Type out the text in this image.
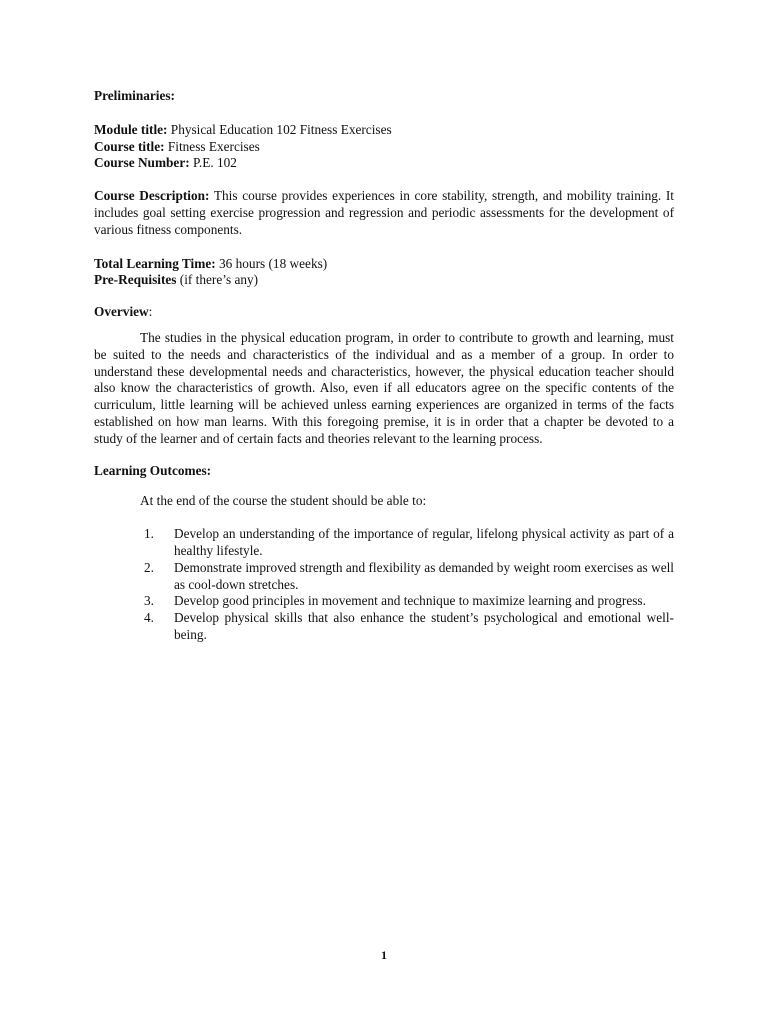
Preliminaries:

Module title: Physical Education 102 Fitness Exercises

Course title: Fitness Exercises

Course Number: P.E. 102

Course Description: This course provides experiences in core stability, strength, and mobility training. It includes goal setting exercise progression and regression and periodic assessments for the development of various fitness components.

Total Learning Time: 36 hours (18 weeks)

Pre-Requisites (if there’s any)

Overview:

The studies in the physical education program, in order to contribute to growth and learning, must be suited to the needs and characteristics of the individual and as a member of a group. In order to understand these developmental needs and characteristics, however, the physical education teacher should also know the characteristics of growth. Also, even if all educators agree on the specific contents of the curriculum, little learning will be achieved unless earning experiences are organized in terms of the facts established on how man learns. With this foregoing premise, it is in order that a chapter be devoted to a study of the learner and of certain facts and theories relevant to the learning process.

Learning Outcomes:

At the end of the course the student should be able to:

1. Develop an understanding of the importance of regular, lifelong physical activity as part of a healthy lifestyle.
2. Demonstrate improved strength and flexibility as demanded by weight room exercises as well as cool-down stretches.
3. Develop good principles in movement and technique to maximize learning and progress.
4. Develop physical skills that also enhance the student’s psychological and emotional well-being.
1
